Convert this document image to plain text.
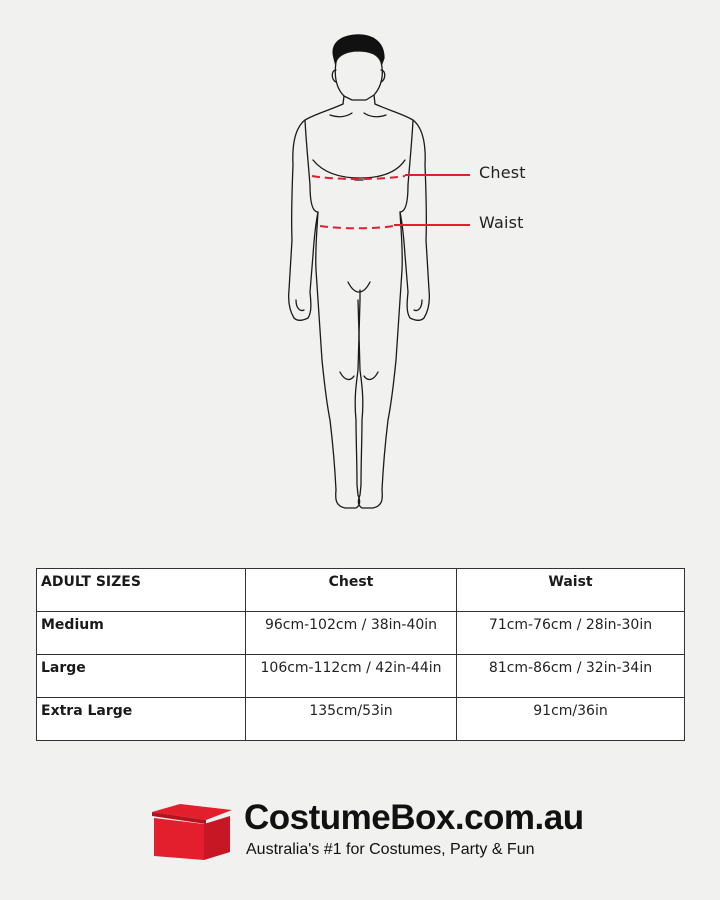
Chest
Waist
ADULT SIZES	Chest	Waist
Medium	96cm-102cm / 38in-40in	71cm-76cm / 28in-30in
Large	106cm-112cm / 42in-44in	81cm-86cm / 32in-34in
Extra Large	135cm/53in	91cm/36in
CostumeBox.com.au
Australia's #1 for Costumes, Party & Fun
